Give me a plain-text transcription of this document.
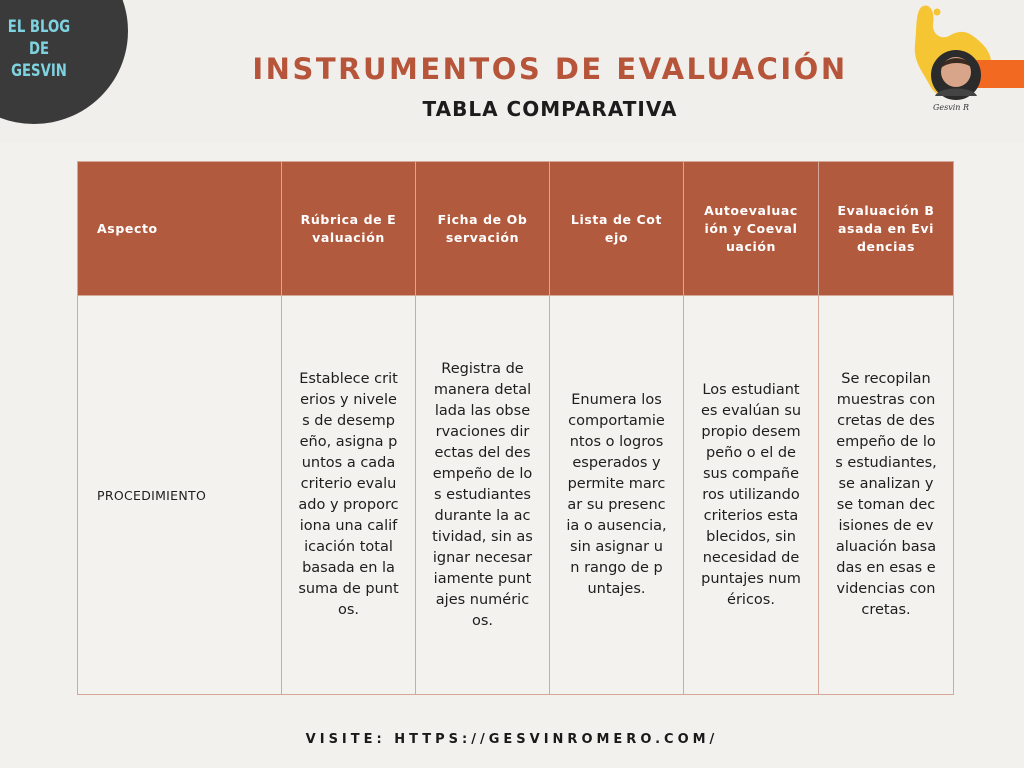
EL BLOG DE GESVIN	INSTRUMENTOS DE EVALUACIÓN
TABLA COMPARATIVA	Gesvin R
Aspecto	Rúbrica de Evaluación	Ficha de Observación	Lista de Cotejo	Autoevaluación y Coevaluación	Evaluación Basada en Evidencias
PROCEDIMIENTO	Establece criterios y niveles de desempeño, asigna puntos a cada criterio evaluado y proporciona una calificación total basada en la suma de puntos.	Registra de manera detallada las observaciones directas del desempeño de los estudiantes durante la actividad, sin asignar necesariamente puntajes numéricos.	Enumera los comportamientos o logros esperados y permite marcar su presencia o ausencia, sin asignar un rango de puntajes.	Los estudiantes evalúan su propio desempeño o el de sus compañeros utilizando criterios establecidos, sin necesidad de puntajes numéricos.	Se recopilan muestras concretas de desempeño de los estudiantes, se analizan y se toman decisiones de evaluación basadas en esas evidencias concretas.
VISITE: HTTPS://GESVINROMERO.COM/
